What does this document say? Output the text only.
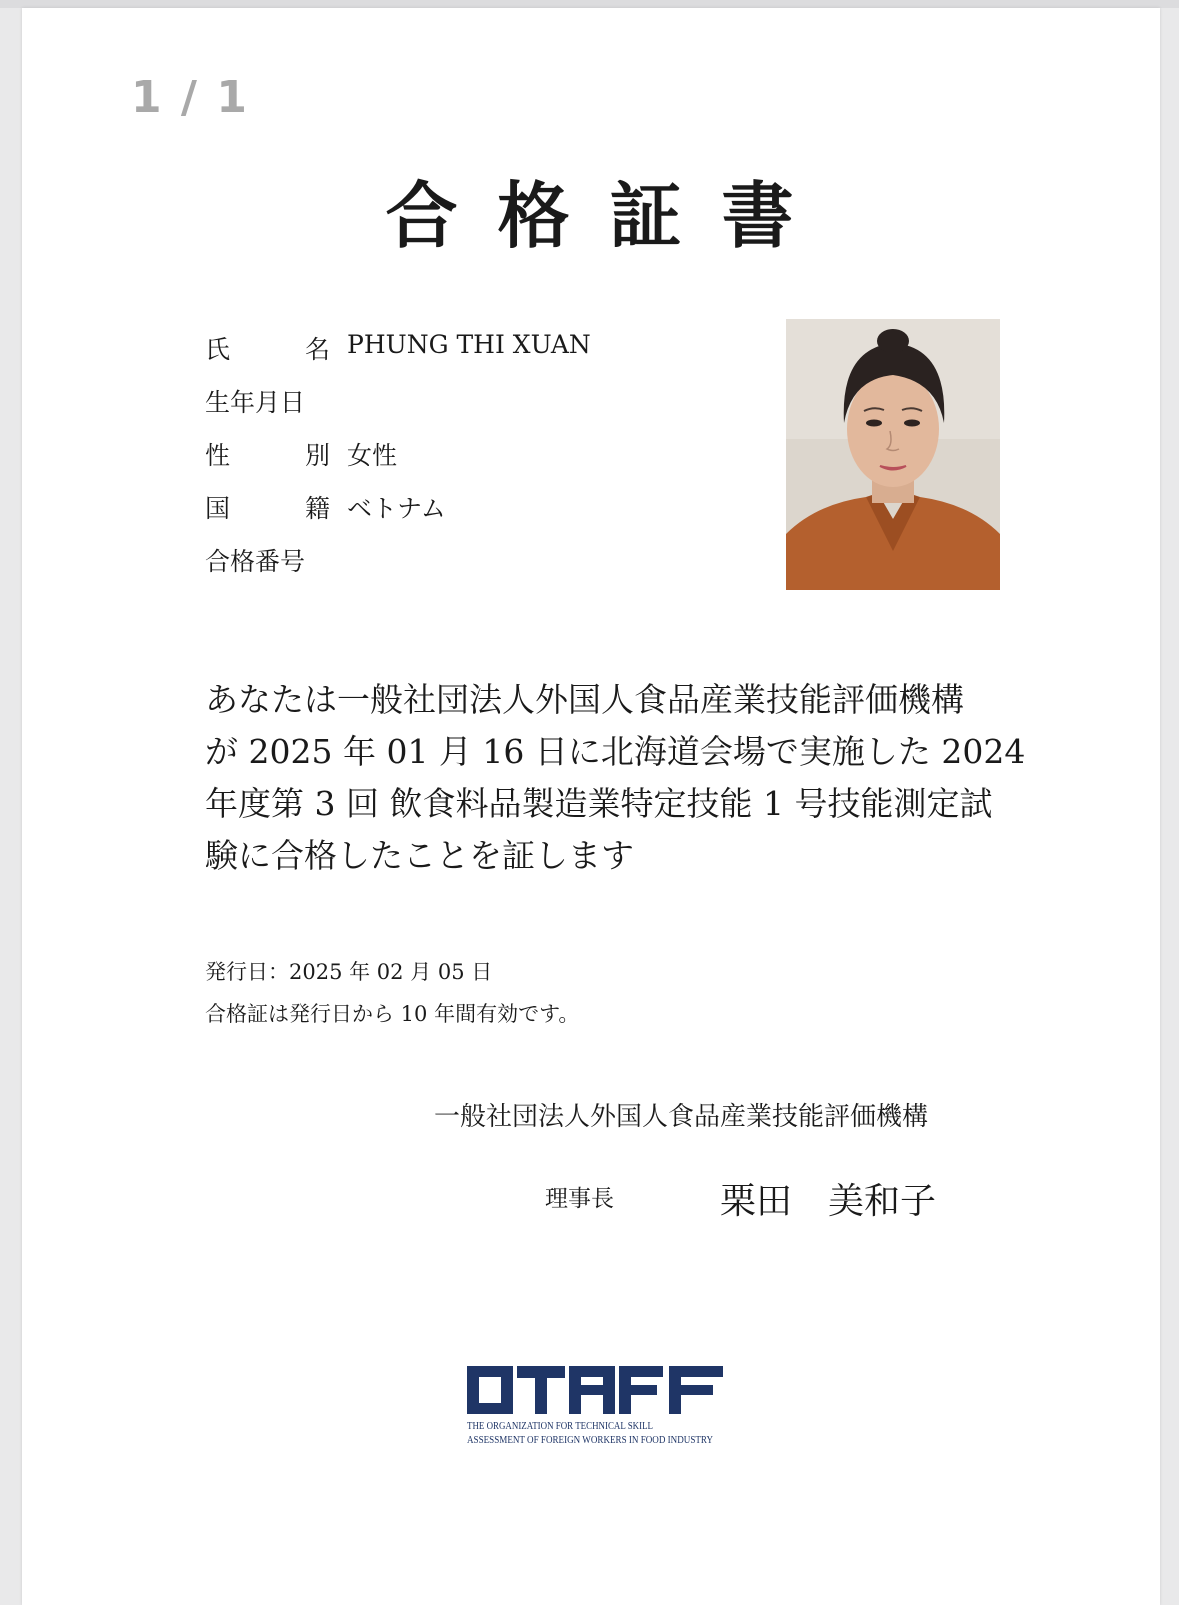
1 / 1
合格証書
氏　　　名 PHUNG THI XUAN
生年月日
性　　　別 女性
国　　　籍 ベトナム
合格番号
あなたは一般社団法人外国人食品産業技能評価機構
が 2025 年 01 月 16 日に北海道会場で実施した 2024
年度第 3 回 飲食料品製造業特定技能 1 号技能測定試
験に合格したことを証します
発行日：2025 年 02 月 05 日
合格証は発行日から 10 年間有効です。
一般社団法人外国人食品産業技能評価機構
理事長	栗田　美和子
THE ORGANIZATION FOR TECHNICAL SKILL
ASSESSMENT OF FOREIGN WORKERS IN FOOD INDUSTRY
